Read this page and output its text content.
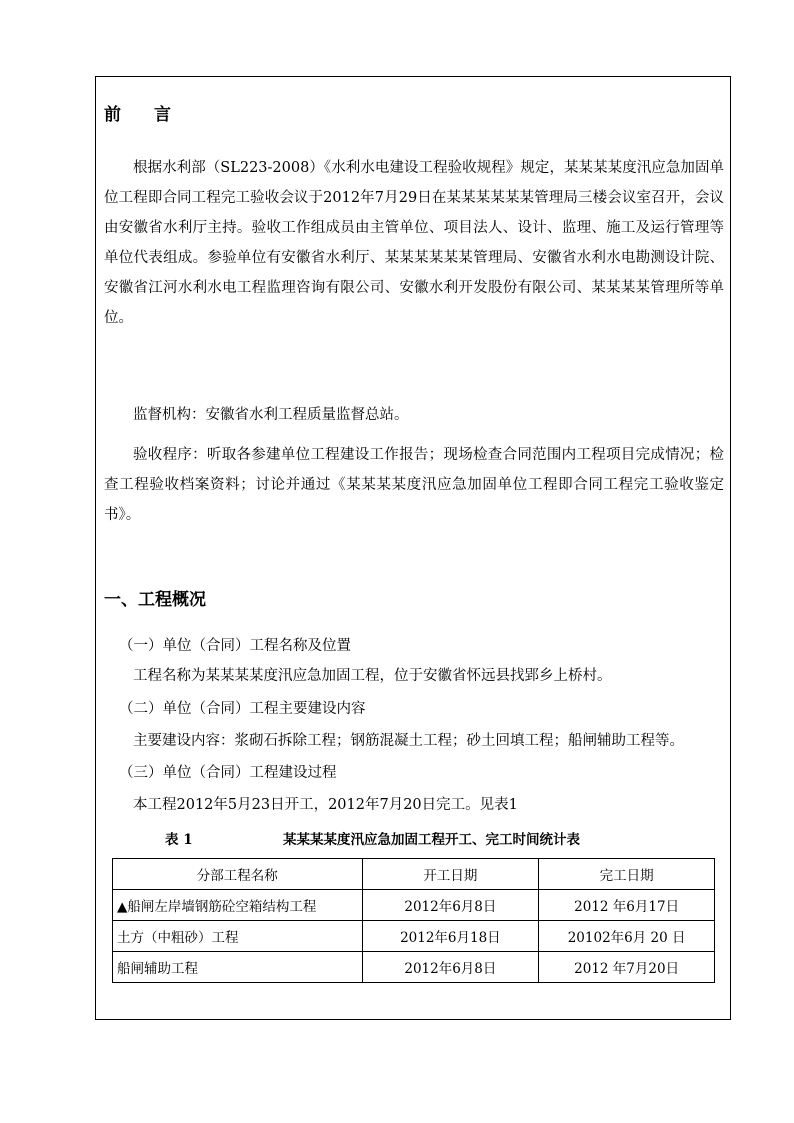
前 言

根据水利部（SL223-2008）《水利水电建设工程验收规程》规定，某某某某度汛应急加固单位工程即合同工程完工验收会议于2012年7月29日在某某某某某某管理局三楼会议室召开，会议由安徽省水利厅主持。验收工作组成员由主管单位、项目法人、设计、监理、施工及运行管理等单位代表组成。参验单位有安徽省水利厅、某某某某某某管理局、安徽省水利水电勘测设计院、安徽省江河水利水电工程监理咨询有限公司、安徽水利开发股份有限公司、某某某某管理所等单位。

监督机构：安徽省水利工程质量监督总站。

验收程序：听取各参建单位工程建设工作报告；现场检查合同范围内工程项目完成情况；检查工程验收档案资料；讨论并通过《某某某某度汛应急加固单位工程即合同工程完工验收鉴定书》。

一、工程概况

（一）单位（合同）工程名称及位置

工程名称为某某某某度汛应急加固工程，位于安徽省怀远县找郢乡上桥村。

（二）单位（合同）工程主要建设内容

主要建设内容：浆砌石拆除工程；钢筋混凝土工程；砂土回填工程；船闸辅助工程等。

（三）单位（合同）工程建设过程

本工程2012年5月23日开工，2012年7月20日完工。见表1

表 1	某某某某度汛应急加固工程开工、完工时间统计表
分部工程名称	开工日期	完工日期
▲船闸左岸墙钢筋砼空箱结构工程	2012年6月8日	2012 年6月17日
土方（中粗砂）工程	2012年6月18日	20102年6月 20 日
船闸辅助工程	2012年6月8日	2012 年7月20日
